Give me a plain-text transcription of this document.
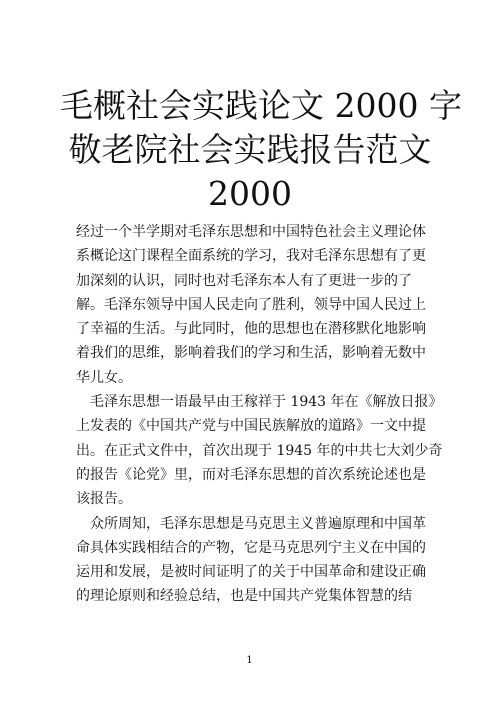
毛概社会实践论文 2000 字
敬老院社会实践报告范文
2000
经过一个半学期对毛泽东思想和中国特色社会主义理论体
系概论这门课程全面系统的学习，我对毛泽东思想有了更
加深刻的认识，同时也对毛泽东本人有了更进一步的了
解。毛泽东领导中国人民走向了胜利，领导中国人民过上
了幸福的生活。与此同时，他的思想也在潜移默化地影响
着我们的思维，影响着我们的学习和生活，影响着无数中
华儿女。
毛泽东思想一语最早由王稼祥于 1943 年在《解放日报》
上发表的《中国共产党与中国民族解放的道路》一文中提
出。在正式文件中，首次出现于 1945 年的中共七大刘少奇
的报告《论党》里，而对毛泽东思想的首次系统论述也是
该报告。
众所周知，毛泽东思想是马克思主义普遍原理和中国革
命具体实践相结合的产物，它是马克思列宁主义在中国的
运用和发展，是被时间证明了的关于中国革命和建设正确
的理论原则和经验总结，也是中国共产党集体智慧的结
1
